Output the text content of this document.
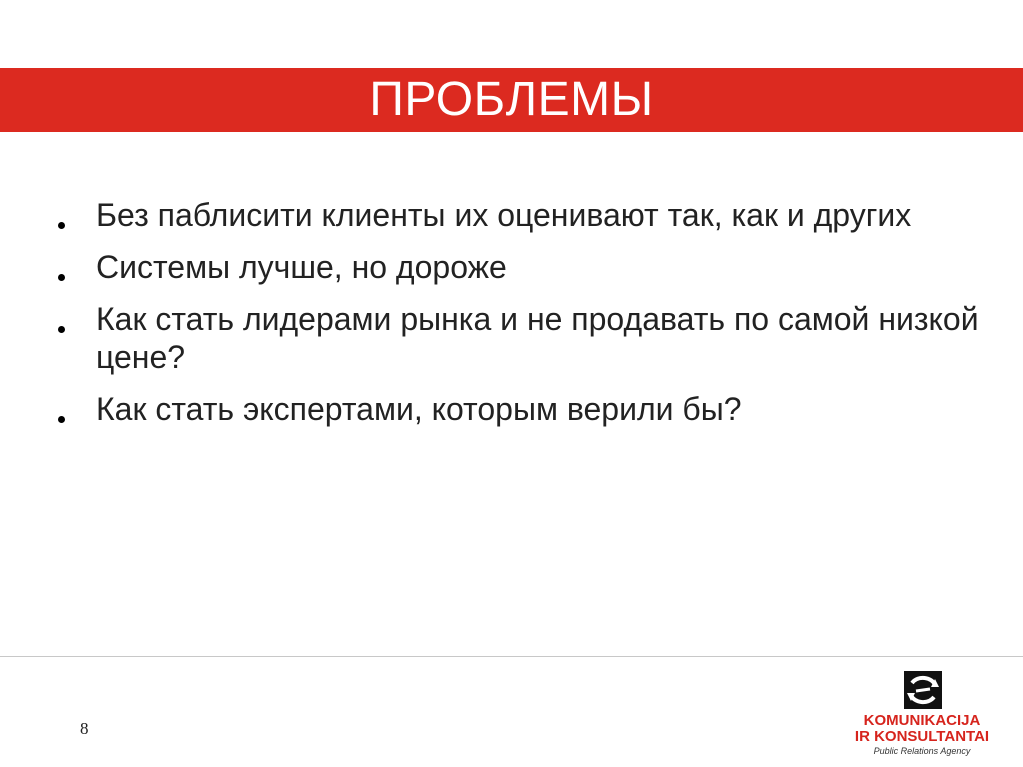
ПРОБЛЕМЫ
Без паблисити клиенты их оценивают так, как и других
Системы лучше, но дороже
Как стать лидерами рынка и не продавать по самой низкой цене?
Как стать экспертами, которым верили бы?
8	KOMUNIKACIJA
IR KONSULTANTAI
Public Relations Agency
